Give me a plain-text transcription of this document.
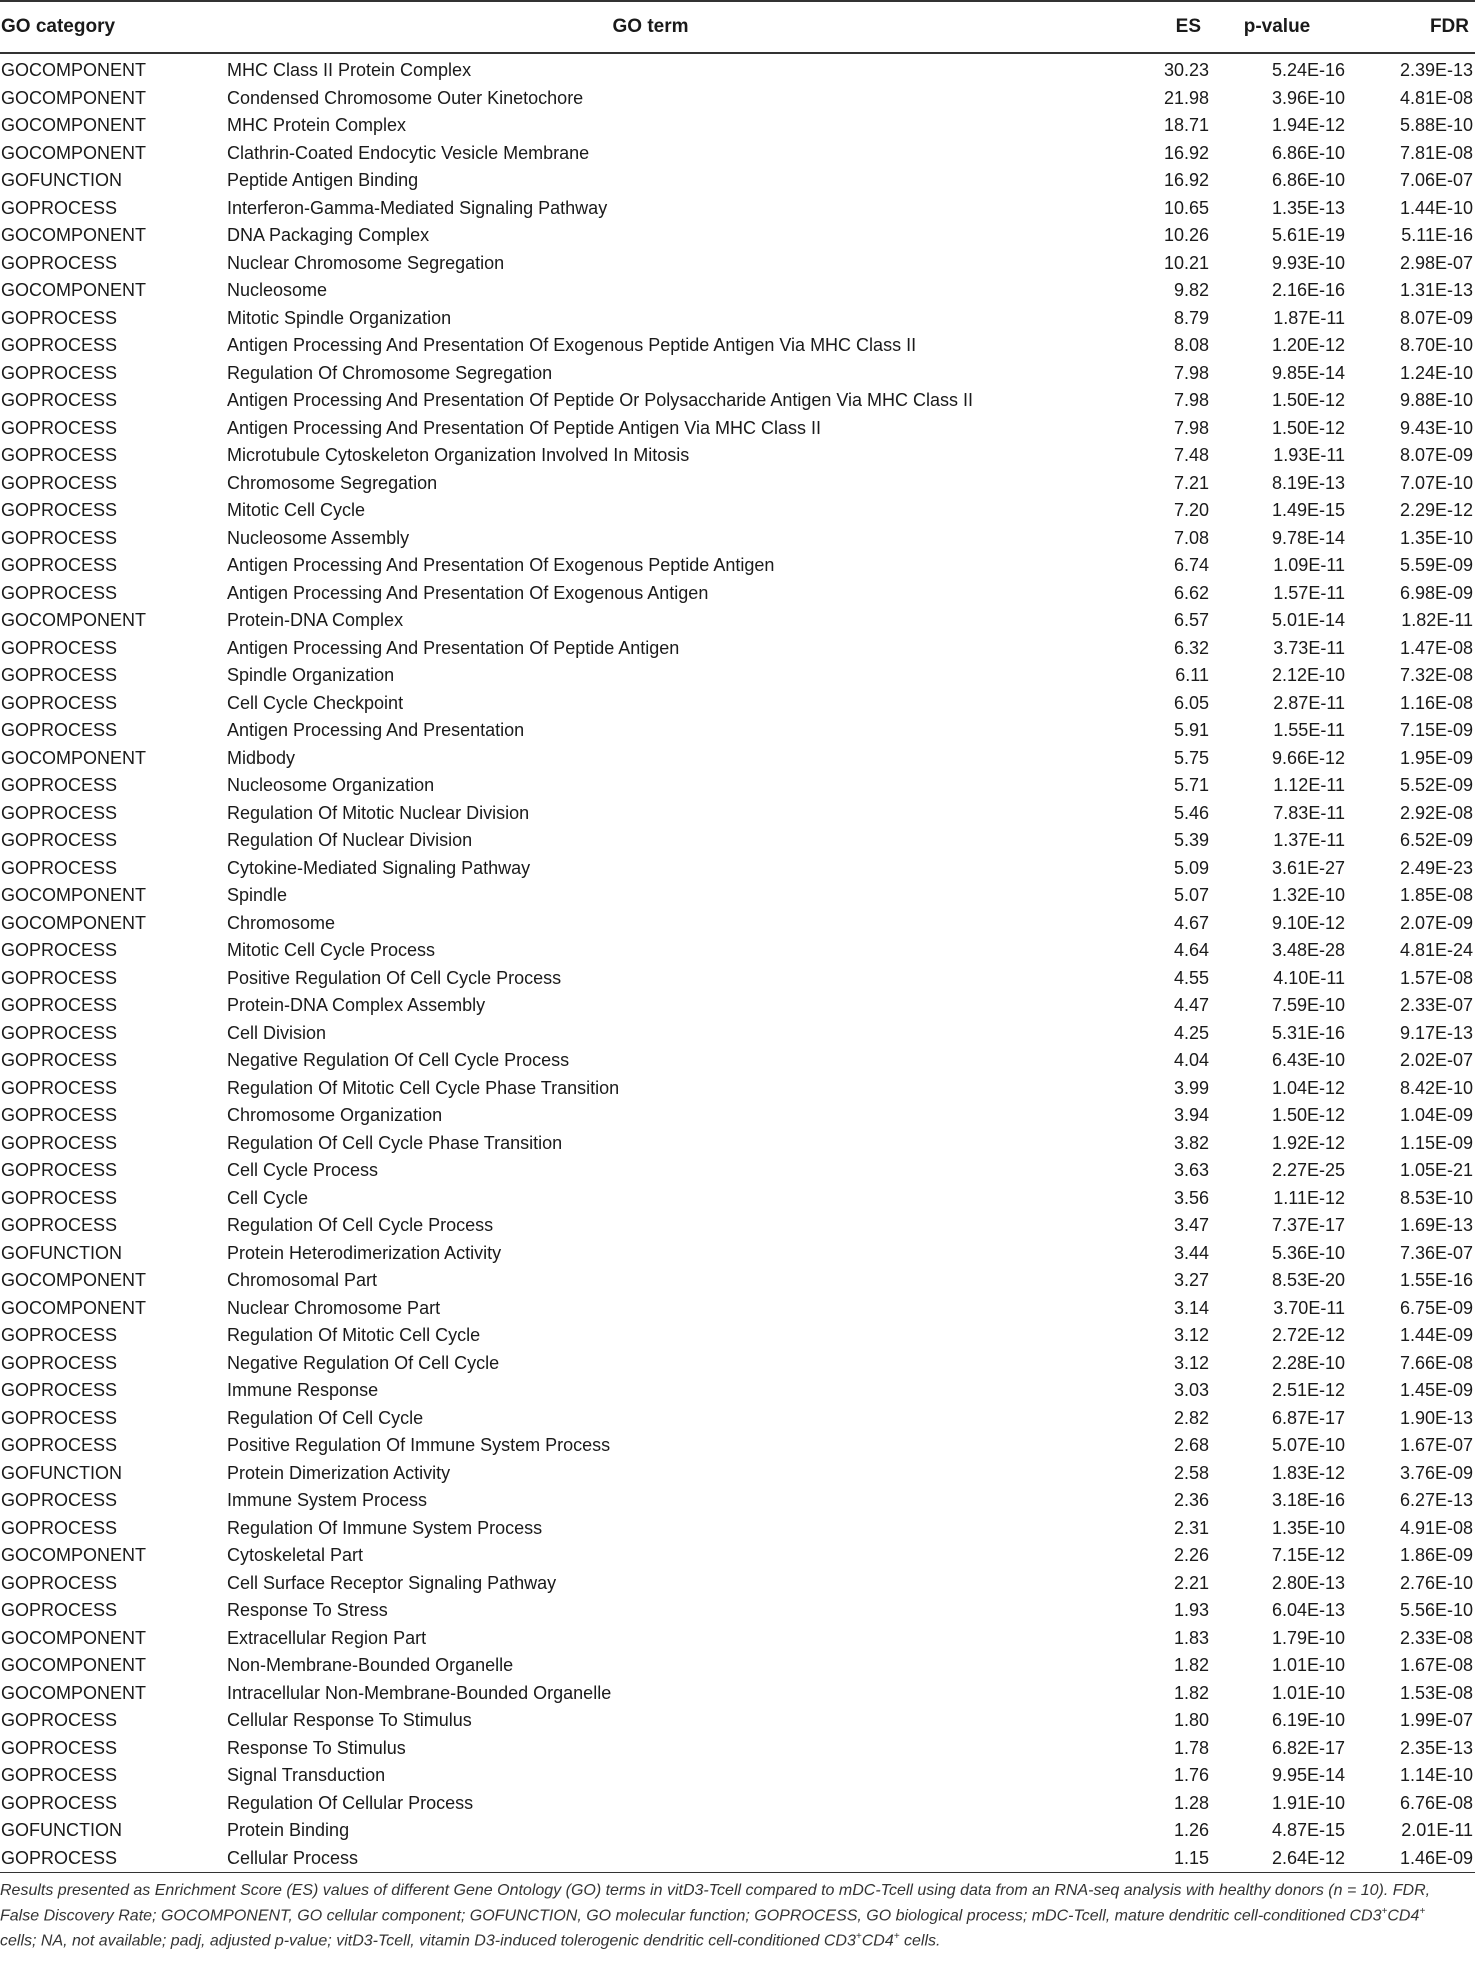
GO category	GO term	ES	p-value	FDR
GOCOMPONENT	MHC Class II Protein Complex	30.23	5.24E-16	2.39E-13
GOCOMPONENT	Condensed Chromosome Outer Kinetochore	21.98	3.96E-10	4.81E-08
GOCOMPONENT	MHC Protein Complex	18.71	1.94E-12	5.88E-10
GOCOMPONENT	Clathrin-Coated Endocytic Vesicle Membrane	16.92	6.86E-10	7.81E-08
GOFUNCTION	Peptide Antigen Binding	16.92	6.86E-10	7.06E-07
GOPROCESS	Interferon-Gamma-Mediated Signaling Pathway	10.65	1.35E-13	1.44E-10
GOCOMPONENT	DNA Packaging Complex	10.26	5.61E-19	5.11E-16
GOPROCESS	Nuclear Chromosome Segregation	10.21	9.93E-10	2.98E-07
GOCOMPONENT	Nucleosome	9.82	2.16E-16	1.31E-13
GOPROCESS	Mitotic Spindle Organization	8.79	1.87E-11	8.07E-09
GOPROCESS	Antigen Processing And Presentation Of Exogenous Peptide Antigen Via MHC Class II	8.08	1.20E-12	8.70E-10
GOPROCESS	Regulation Of Chromosome Segregation	7.98	9.85E-14	1.24E-10
GOPROCESS	Antigen Processing And Presentation Of Peptide Or Polysaccharide Antigen Via MHC Class II	7.98	1.50E-12	9.88E-10
GOPROCESS	Antigen Processing And Presentation Of Peptide Antigen Via MHC Class II	7.98	1.50E-12	9.43E-10
GOPROCESS	Microtubule Cytoskeleton Organization Involved In Mitosis	7.48	1.93E-11	8.07E-09
GOPROCESS	Chromosome Segregation	7.21	8.19E-13	7.07E-10
GOPROCESS	Mitotic Cell Cycle	7.20	1.49E-15	2.29E-12
GOPROCESS	Nucleosome Assembly	7.08	9.78E-14	1.35E-10
GOPROCESS	Antigen Processing And Presentation Of Exogenous Peptide Antigen	6.74	1.09E-11	5.59E-09
GOPROCESS	Antigen Processing And Presentation Of Exogenous Antigen	6.62	1.57E-11	6.98E-09
GOCOMPONENT	Protein-DNA Complex	6.57	5.01E-14	1.82E-11
GOPROCESS	Antigen Processing And Presentation Of Peptide Antigen	6.32	3.73E-11	1.47E-08
GOPROCESS	Spindle Organization	6.11	2.12E-10	7.32E-08
GOPROCESS	Cell Cycle Checkpoint	6.05	2.87E-11	1.16E-08
GOPROCESS	Antigen Processing And Presentation	5.91	1.55E-11	7.15E-09
GOCOMPONENT	Midbody	5.75	9.66E-12	1.95E-09
GOPROCESS	Nucleosome Organization	5.71	1.12E-11	5.52E-09
GOPROCESS	Regulation Of Mitotic Nuclear Division	5.46	7.83E-11	2.92E-08
GOPROCESS	Regulation Of Nuclear Division	5.39	1.37E-11	6.52E-09
GOPROCESS	Cytokine-Mediated Signaling Pathway	5.09	3.61E-27	2.49E-23
GOCOMPONENT	Spindle	5.07	1.32E-10	1.85E-08
GOCOMPONENT	Chromosome	4.67	9.10E-12	2.07E-09
GOPROCESS	Mitotic Cell Cycle Process	4.64	3.48E-28	4.81E-24
GOPROCESS	Positive Regulation Of Cell Cycle Process	4.55	4.10E-11	1.57E-08
GOPROCESS	Protein-DNA Complex Assembly	4.47	7.59E-10	2.33E-07
GOPROCESS	Cell Division	4.25	5.31E-16	9.17E-13
GOPROCESS	Negative Regulation Of Cell Cycle Process	4.04	6.43E-10	2.02E-07
GOPROCESS	Regulation Of Mitotic Cell Cycle Phase Transition	3.99	1.04E-12	8.42E-10
GOPROCESS	Chromosome Organization	3.94	1.50E-12	1.04E-09
GOPROCESS	Regulation Of Cell Cycle Phase Transition	3.82	1.92E-12	1.15E-09
GOPROCESS	Cell Cycle Process	3.63	2.27E-25	1.05E-21
GOPROCESS	Cell Cycle	3.56	1.11E-12	8.53E-10
GOPROCESS	Regulation Of Cell Cycle Process	3.47	7.37E-17	1.69E-13
GOFUNCTION	Protein Heterodimerization Activity	3.44	5.36E-10	7.36E-07
GOCOMPONENT	Chromosomal Part	3.27	8.53E-20	1.55E-16
GOCOMPONENT	Nuclear Chromosome Part	3.14	3.70E-11	6.75E-09
GOPROCESS	Regulation Of Mitotic Cell Cycle	3.12	2.72E-12	1.44E-09
GOPROCESS	Negative Regulation Of Cell Cycle	3.12	2.28E-10	7.66E-08
GOPROCESS	Immune Response	3.03	2.51E-12	1.45E-09
GOPROCESS	Regulation Of Cell Cycle	2.82	6.87E-17	1.90E-13
GOPROCESS	Positive Regulation Of Immune System Process	2.68	5.07E-10	1.67E-07
GOFUNCTION	Protein Dimerization Activity	2.58	1.83E-12	3.76E-09
GOPROCESS	Immune System Process	2.36	3.18E-16	6.27E-13
GOPROCESS	Regulation Of Immune System Process	2.31	1.35E-10	4.91E-08
GOCOMPONENT	Cytoskeletal Part	2.26	7.15E-12	1.86E-09
GOPROCESS	Cell Surface Receptor Signaling Pathway	2.21	2.80E-13	2.76E-10
GOPROCESS	Response To Stress	1.93	6.04E-13	5.56E-10
GOCOMPONENT	Extracellular Region Part	1.83	1.79E-10	2.33E-08
GOCOMPONENT	Non-Membrane-Bounded Organelle	1.82	1.01E-10	1.67E-08
GOCOMPONENT	Intracellular Non-Membrane-Bounded Organelle	1.82	1.01E-10	1.53E-08
GOPROCESS	Cellular Response To Stimulus	1.80	6.19E-10	1.99E-07
GOPROCESS	Response To Stimulus	1.78	6.82E-17	2.35E-13
GOPROCESS	Signal Transduction	1.76	9.95E-14	1.14E-10
GOPROCESS	Regulation Of Cellular Process	1.28	1.91E-10	6.76E-08
GOFUNCTION	Protein Binding	1.26	4.87E-15	2.01E-11
GOPROCESS	Cellular Process	1.15	2.64E-12	1.46E-09

Results presented as Enrichment Score (ES) values of different Gene Ontology (GO) terms in vitD3-Tcell compared to mDC-Tcell using data from an RNA-seq analysis with healthy donors (n = 10). FDR, False Discovery Rate; GOCOMPONENT, GO cellular component; GOFUNCTION, GO molecular function; GOPROCESS, GO biological process; mDC-Tcell, mature dendritic cell-conditioned CD3+CD4+ cells; NA, not available; padj, adjusted p-value; vitD3-Tcell, vitamin D3-induced tolerogenic dendritic cell-conditioned CD3+CD4+ cells.
